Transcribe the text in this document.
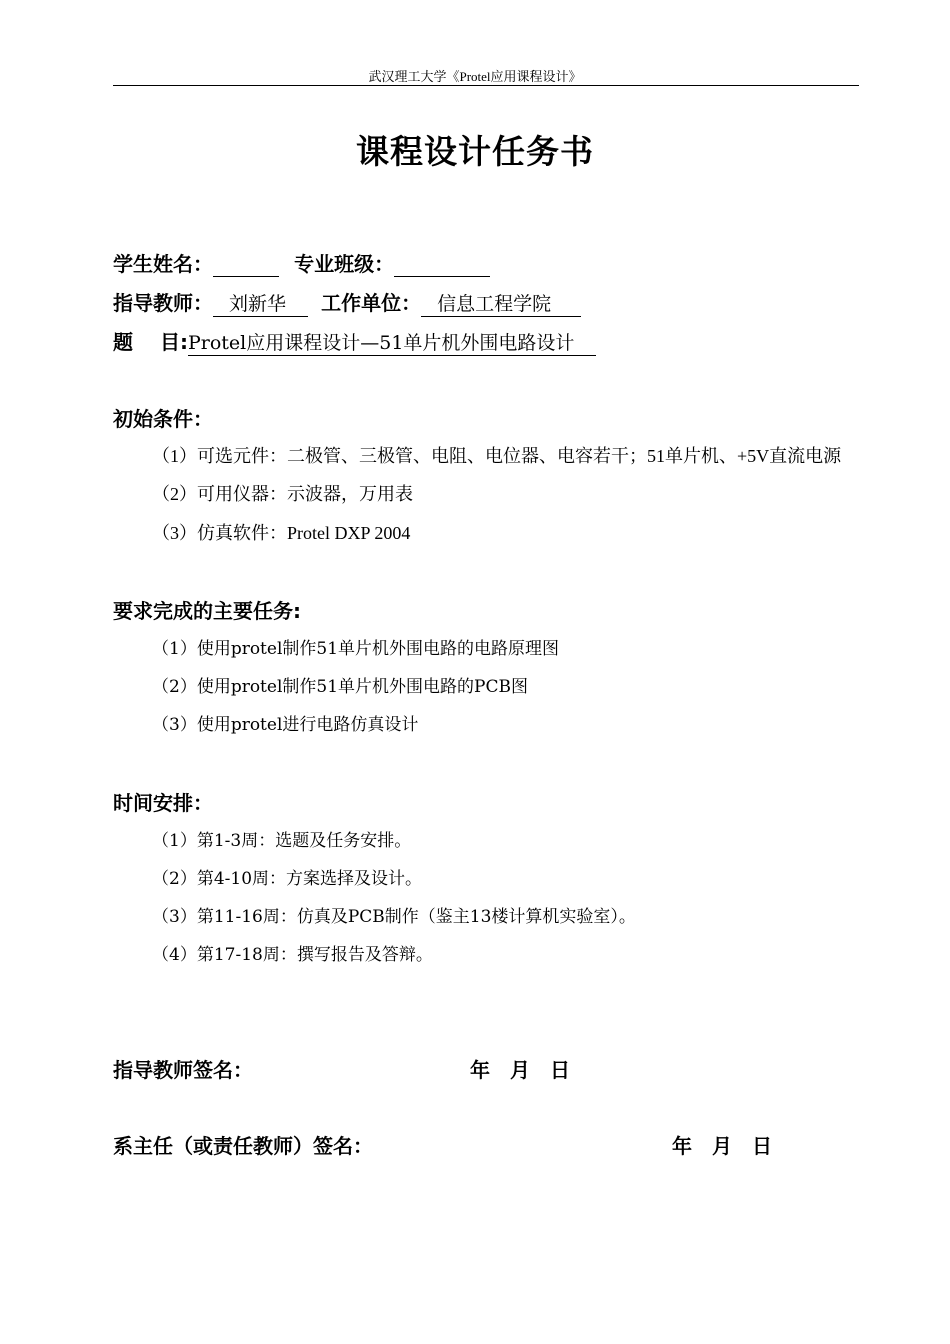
武汉理工大学《Protel应用课程设计》
课程设计任务书
学生姓名：	专业班级：
指导教师： 刘新华 工作单位： 信息工程学院
题　 目:Protel应用课程设计—51单片机外围电路设计
初始条件：
（1）可选元件：二极管、三极管、电阻、电位器、电容若干；51单片机、+5V直流电源
（2）可用仪器：示波器，万用表
（3）仿真软件：Protel DXP 2004
要求完成的主要任务:
（1）使用protel制作51单片机外围电路的电路原理图
（2）使用protel制作51单片机外围电路的PCB图
（3）使用protel进行电路仿真设计
时间安排：
（1）第1-3周：选题及任务安排。
（2）第4-10周：方案选择及设计。
（3）第11-16周：仿真及PCB制作（鉴主13楼计算机实验室）。
（4）第17-18周：撰写报告及答辩。
指导教师签名：	年　月　日
系主任（或责任教师）签名：	年　月　日
